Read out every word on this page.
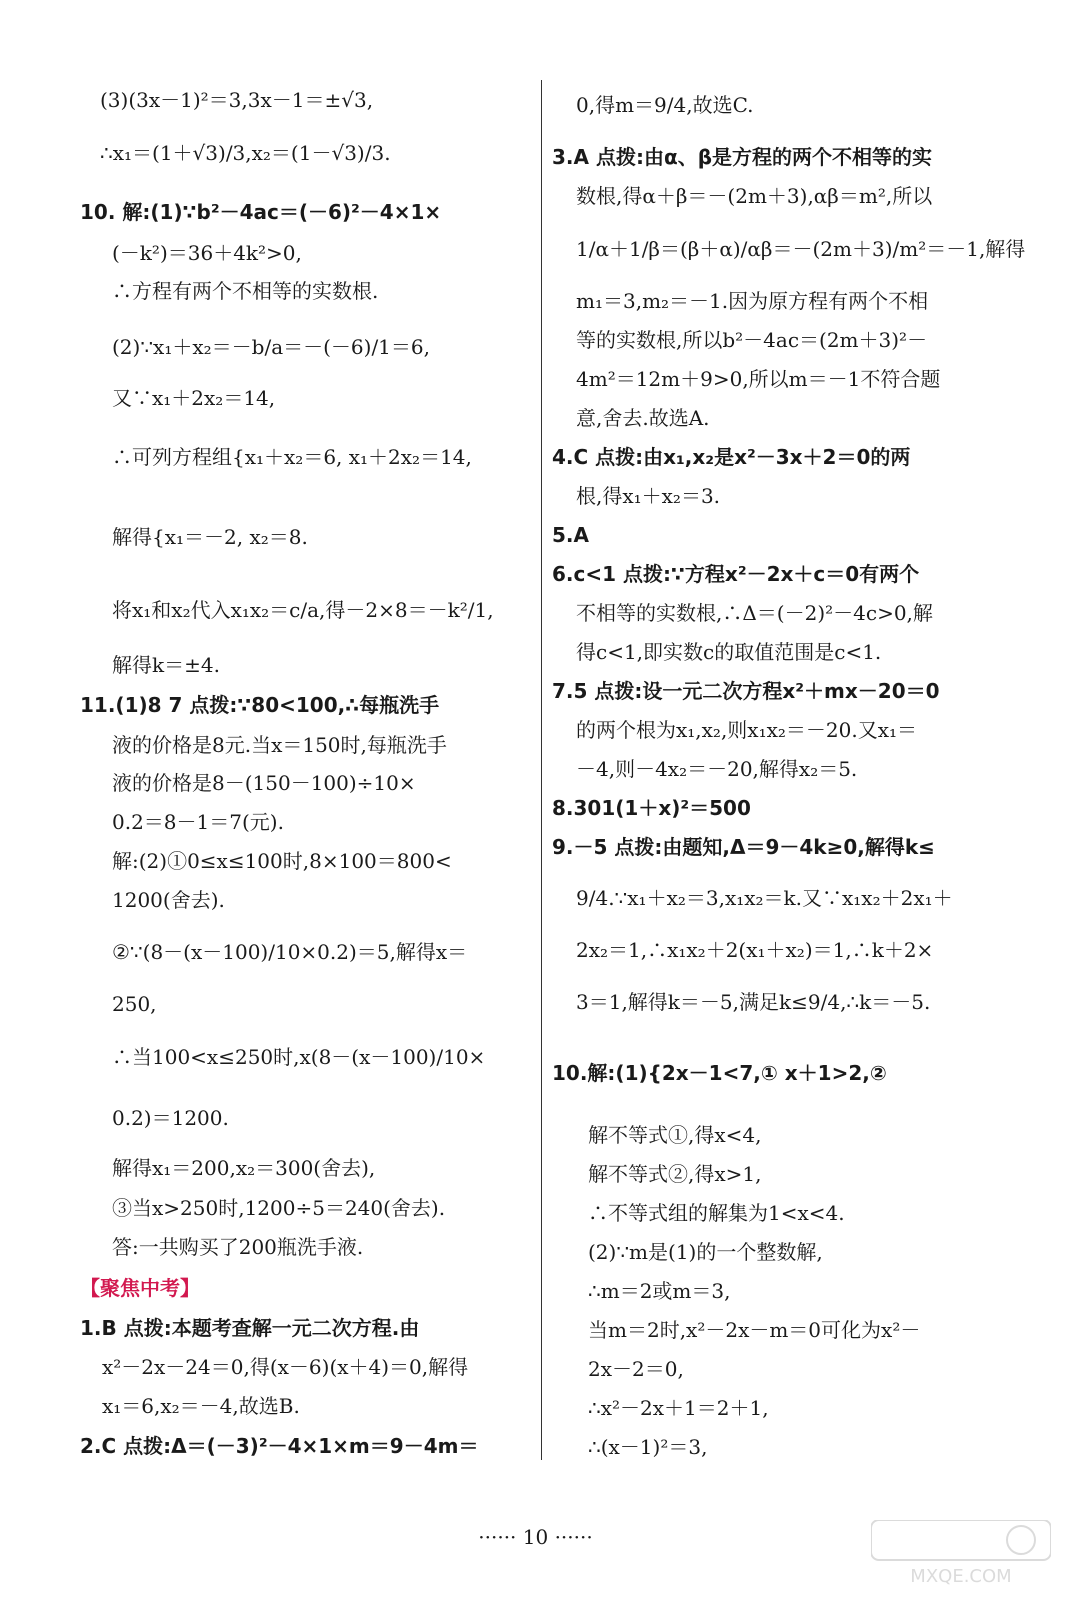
(3)(3x－1)²＝3,3x－1＝±√3,
∴x₁＝(1＋√3)/3,x₂＝(1－√3)/3.
10. 解:(1)∵b²－4ac＝(－6)²－4×1×
(－k²)＝36＋4k²>0,
∴方程有两个不相等的实数根.
(2)∵x₁＋x₂＝－b/a＝－(－6)/1＝6,
又∵x₁＋2x₂＝14,
∴可列方程组{x₁＋x₂＝6, x₁＋2x₂＝14,
解得{x₁＝－2, x₂＝8.
将x₁和x₂代入x₁x₂＝c/a,得－2×8＝－k²/1,
解得k＝±4.
11.(1)8 7 点拨:∵80<100,∴每瓶洗手
液的价格是8元.当x＝150时,每瓶洗手
液的价格是8－(150－100)÷10×
0.2＝8－1＝7(元).
解:(2)①0≤x≤100时,8×100＝800<
1200(舍去).
②∵(8－(x－100)/10×0.2)＝5,解得x＝
250,
∴当100<x≤250时,x(8－(x－100)/10×
0.2)＝1200.
解得x₁＝200,x₂＝300(舍去),
③当x>250时,1200÷5＝240(舍去).
答:一共购买了200瓶洗手液.
【聚焦中考】
1.B 点拨:本题考查解一元二次方程.由
x²－2x－24＝0,得(x－6)(x＋4)＝0,解得
x₁＝6,x₂＝－4,故选B.
2.C 点拨:Δ＝(－3)²－4×1×m＝9－4m＝
0,得m＝9/4,故选C.
3.A 点拨:由α、β是方程的两个不相等的实
数根,得α＋β＝－(2m＋3),αβ＝m²,所以
1/α＋1/β＝(β＋α)/αβ＝－(2m＋3)/m²＝－1,解得
m₁＝3,m₂＝－1.因为原方程有两个不相
等的实数根,所以b²－4ac＝(2m＋3)²－
4m²＝12m＋9>0,所以m＝－1不符合题
意,舍去.故选A.
4.C 点拨:由x₁,x₂是x²－3x＋2＝0的两
根,得x₁＋x₂＝3.
5.A
6.c<1 点拨:∵方程x²－2x＋c＝0有两个
不相等的实数根,∴Δ＝(－2)²－4c>0,解
得c<1,即实数c的取值范围是c<1.
7.5 点拨:设一元二次方程x²＋mx－20＝0
的两个根为x₁,x₂,则x₁x₂＝－20.又x₁＝
－4,则－4x₂＝－20,解得x₂＝5.
8.301(1＋x)²＝500
9.－5 点拨:由题知,Δ＝9－4k≥0,解得k≤
9/4.∵x₁＋x₂＝3,x₁x₂＝k.又∵x₁x₂＋2x₁＋
2x₂＝1,∴x₁x₂＋2(x₁＋x₂)＝1,∴k＋2×
3＝1,解得k＝－5,满足k≤9/4,∴k＝－5.
10.解:(1){2x－1<7,① x＋1>2,②
解不等式①,得x<4,
解不等式②,得x>1,
∴不等式组的解集为1<x<4.
(2)∵m是(1)的一个整数解,
∴m＝2或m＝3,
当m＝2时,x²－2x－m＝0可化为x²－
2x－2＝0,
∴x²－2x＋1＝2＋1,
∴(x－1)²＝3,
······ 10 ······
MXQE.COM
